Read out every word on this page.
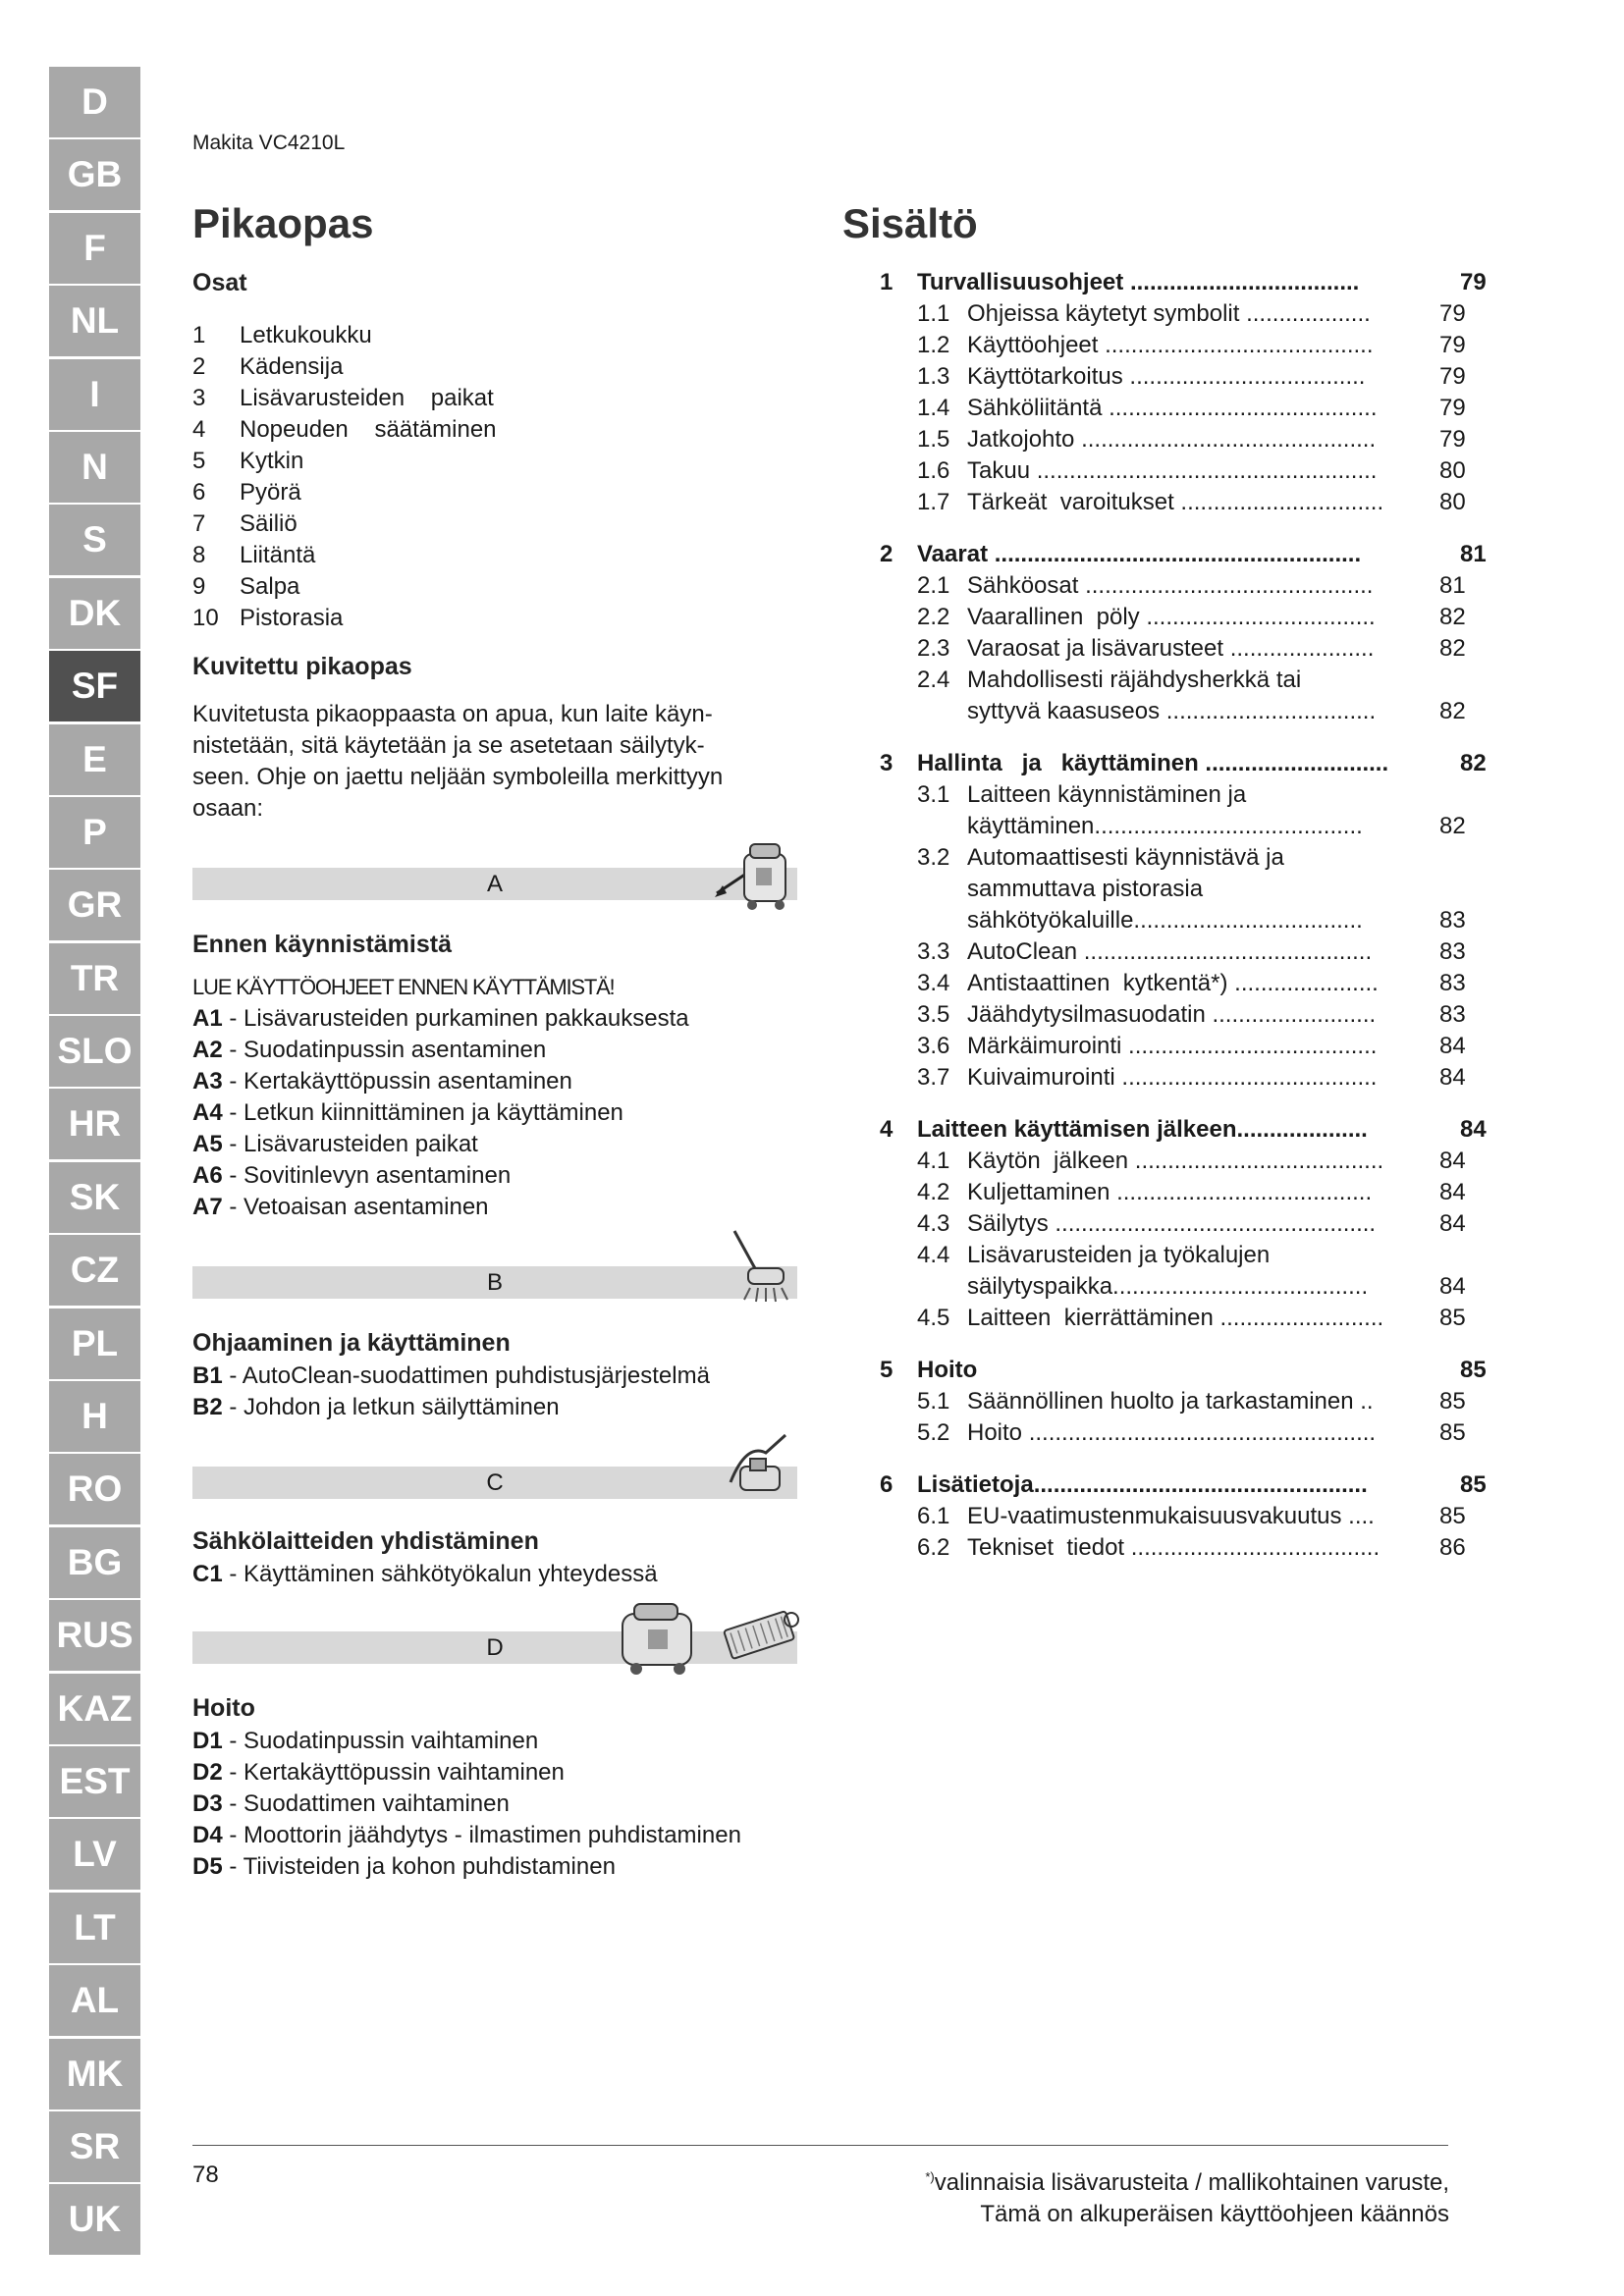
D
GB
F
NL
I
N
S
DK
SF
E
P
GR
TR
SLO
HR
SK
CZ
PL
H
RO
BG
RUS
KAZ
EST
LV
LT
AL
MK
SR
UK
Makita VC4210L
Pikaopas
Osat
1 Letkukoukku
2 Kädensija
3 Lisävarusteiden    paikat
4 Nopeuden    säätäminen
5 Kytkin
6 Pyörä
7 Säiliö
8 Liitäntä
9 Salpa
10 Pistorasia
Kuvitettu pikaopas
Kuvitetusta pikaoppaasta on apua, kun laite käyn-
nistetään, sitä käytetään ja se asetetaan säilytyk-
seen. Ohje on jaettu neljään symboleilla merkittyyn
osaan:
A
Ennen käynnistämistä
LUE KÄYTTÖOHJEET ENNEN KÄYTTÄMISTÄ!
A1 - Lisävarusteiden purkaminen pakkauksesta
A2 - Suodatinpussin asentaminen
A3 - Kertakäyttöpussin asentaminen
A4 - Letkun kiinnittäminen ja käyttäminen
A5 - Lisävarusteiden paikat
A6 - Sovitinlevyn asentaminen
A7 - Vetoaisan asentaminen
B
Ohjaaminen ja käyttäminen
B1 - AutoClean-suodattimen puhdistusjärjestelmä
B2 - Johdon ja letkun säilyttäminen
C
Sähkölaitteiden yhdistäminen
C1 - Käyttäminen sähkötyökalun yhteydessä
D
Hoito
D1 - Suodatinpussin vaihtaminen
D2 - Kertakäyttöpussin vaihtaminen
D3 - Suodattimen vaihtaminen
D4 - Moottorin jäähdytys - ilmastimen puhdistaminen
D5 - Tiivisteiden ja kohon puhdistaminen
Sisältö
1 Turvallisuusohjeet ...................................	79
1.1 Ohjeissa käytetyt symbolit ...................	79
1.2 Käyttöohjeet .........................................	79
1.3 Käyttötarkoitus ....................................	79
1.4 Sähköliitäntä .........................................	79
1.5 Jatkojohto .............................................	79
1.6 Takuu ....................................................	80
1.7 Tärkeät  varoitukset ............................... 80
2 Vaarat ........................................................	81
2.1 Sähköosat ............................................	81
2.2 Vaarallinen  pöly ...................................	82
2.3 Varaosat ja lisävarusteet ......................	82
2.4 Mahdollisesti räjähdysherkkä tai
syttyvä kaasuseos ................................	82
3 Hallinta   ja   käyttäminen ............................	82
3.1 Laitteen käynnistäminen ja
käyttäminen.........................................	82
3.2 Automaattisesti käynnistävä ja
sammuttava pistorasia
sähkötyökaluille...................................	83
3.3 AutoClean ............................................	83
3.4 Antistaattinen  kytkentä*) ......................	83
3.5 Jäähdytysilmasuodatin .........................	83
3.6 Märkäimurointi ......................................	84
3.7 Kuivaimurointi .......................................	84
4 Laitteen käyttämisen jälkeen....................	84
4.1 Käytön  jälkeen ...................................... 84
4.2 Kuljettaminen .......................................	84
4.3 Säilytys .................................................	84
4.4 Lisävarusteiden ja työkalujen
säilytyspaikka.......................................	84
4.5 Laitteen  kierrättäminen ......................... 85
5 Hoito	85
5.1 Säännöllinen huolto ja tarkastaminen ..	85
5.2 Hoito .....................................................	85
6 Lisätietoja...................................................	85
6.1 EU-vaatimustenmukaisuusvakuutus ....	85
6.2 Tekniset  tiedot ......................................	86
78	*)valinnaisia lisävarusteita / mallikohtainen varuste,
Tämä on alkuperäisen käyttöohjeen käännös
